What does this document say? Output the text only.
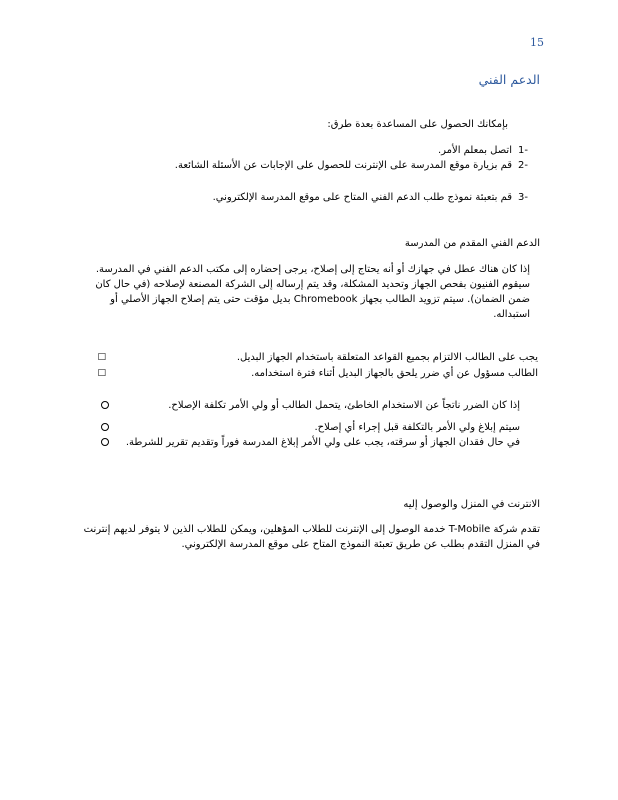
15
الدعم الفني
بإمكانك الحصول على المساعدة بعدة طرق:
1-
اتصل بمعلم الأمر.
2-
قم بزيارة موقع المدرسة على الإنترنت للحصول على الإجابات عن الأسئلة الشائعة.
3-
قم بتعبئة نموذج طلب الدعم الفني المتاح على موقع المدرسة الإلكتروني.
الدعم الفني المقدم من المدرسة
إذا كان هناك عطل في جهازك أو أنه يحتاج إلى إصلاح، يرجى إحضاره إلى مكتب الدعم الفني في المدرسة. سيقوم الفنيون بفحص الجهاز وتحديد المشكلة، وقد يتم إرساله إلى الشركة المصنعة لإصلاحه (في حال كان ضمن الضمان). سيتم تزويد الطالب بجهاز Chromebook بديل مؤقت حتى يتم إصلاح الجهاز الأصلي أو استبداله.
□	يجب على الطالب الالتزام بجميع القواعد المتعلقة باستخدام الجهاز البديل.
□	الطالب مسؤول عن أي ضرر يلحق بالجهاز البديل أثناء فترة استخدامه.
إذا كان الضرر ناتجاً عن الاستخدام الخاطئ، يتحمل الطالب أو ولي الأمر تكلفة الإصلاح.
سيتم إبلاغ ولي الأمر بالتكلفة قبل إجراء أي إصلاح.
في حال فقدان الجهاز أو سرقته، يجب على ولي الأمر إبلاغ المدرسة فوراً وتقديم تقرير للشرطة.
الانترنت في المنزل والوصول إليه
تقدم شركة T-Mobile خدمة الوصول إلى الإنترنت للطلاب المؤهلين، ويمكن للطلاب الذين لا يتوفر لديهم إنترنت في المنزل التقدم بطلب عن طريق تعبئة النموذج المتاح على موقع المدرسة الإلكتروني.
